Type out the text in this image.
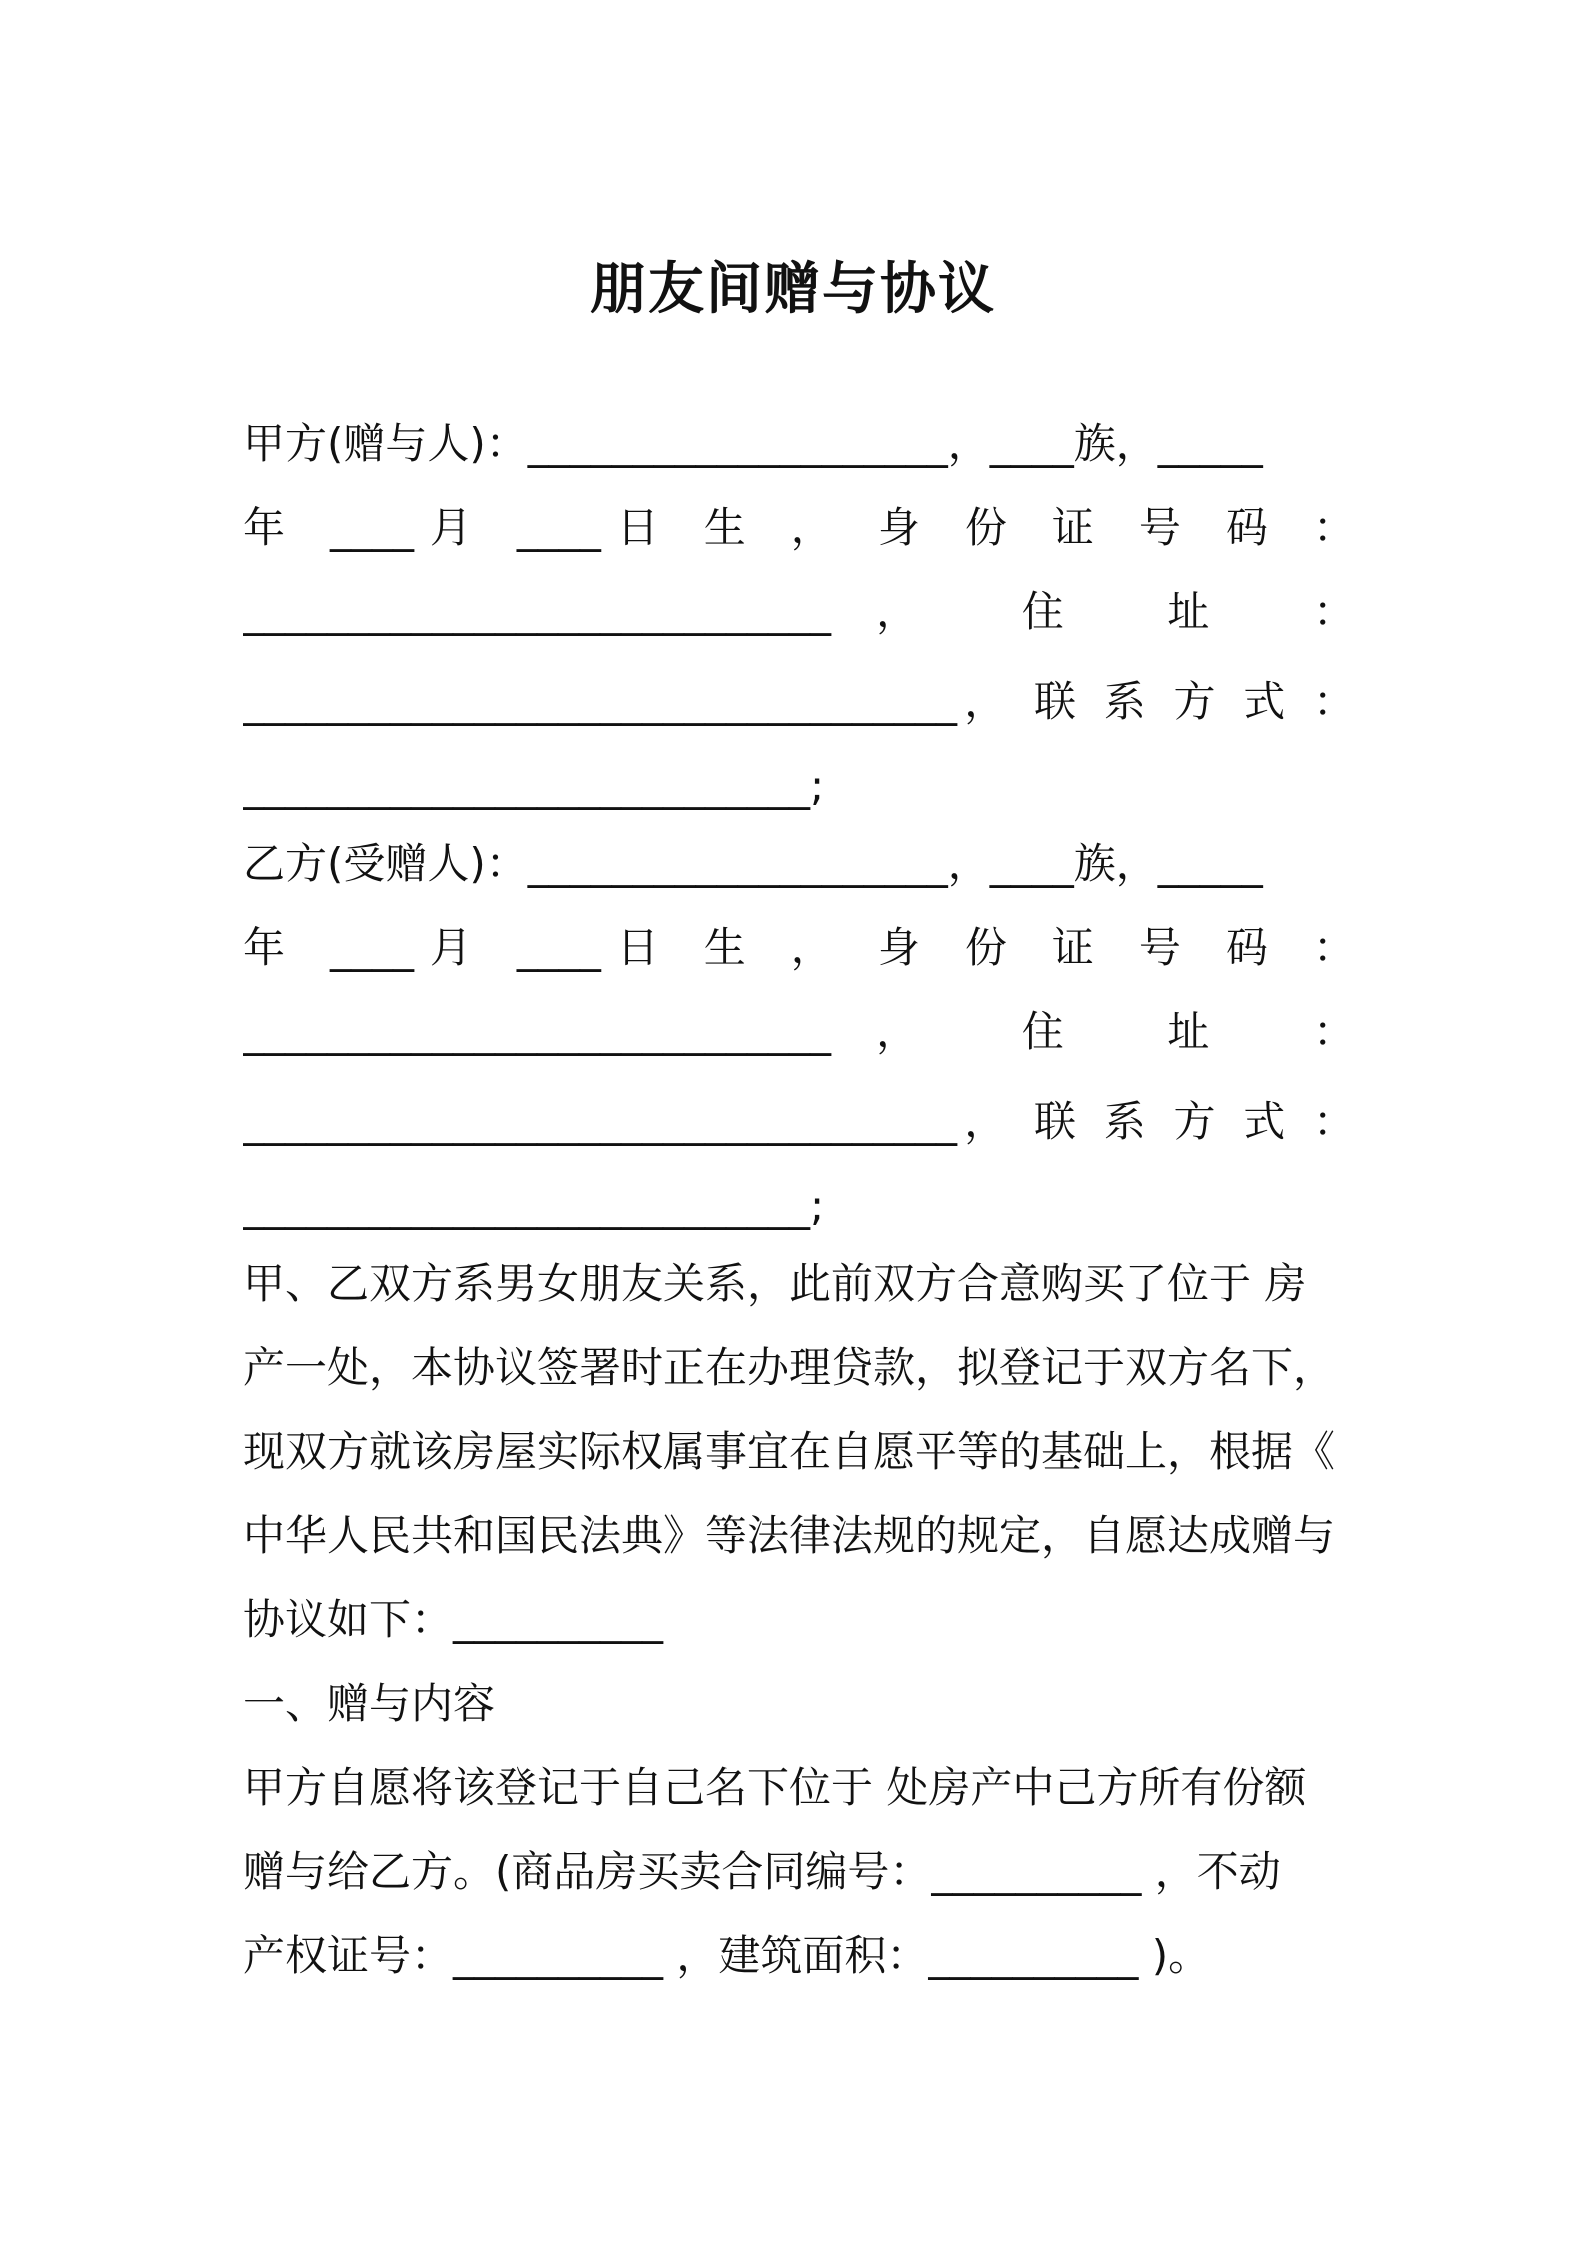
朋友间赠与协议
甲方(赠与人)：____________________，____族，_____
年 ____月 ____日 生 ， 身 份 证 号 码 ：
____________________________， 住 址 ：
__________________________________， 联 系 方 式 ：
___________________________;
乙方(受赠人)：____________________，____族，_____
年 ____月 ____日 生 ， 身 份 证 号 码 ：
____________________________， 住 址 ：
__________________________________， 联 系 方 式 ：
___________________________;
甲、乙双方系男女朋友关系，此前双方合意购买了位于 房
产一处，本协议签署时正在办理贷款，拟登记于双方名下，
现双方就该房屋实际权属事宜在自愿平等的基础上，根据《
中华人民共和国民法典》等法律法规的规定，自愿达成赠与
协议如下：__________
一、赠与内容
甲方自愿将该登记于自己名下位于 处房产中己方所有份额
赠与给乙方。(商品房买卖合同编号：__________ ，不动
产权证号：__________ ，建筑面积：__________ )。
